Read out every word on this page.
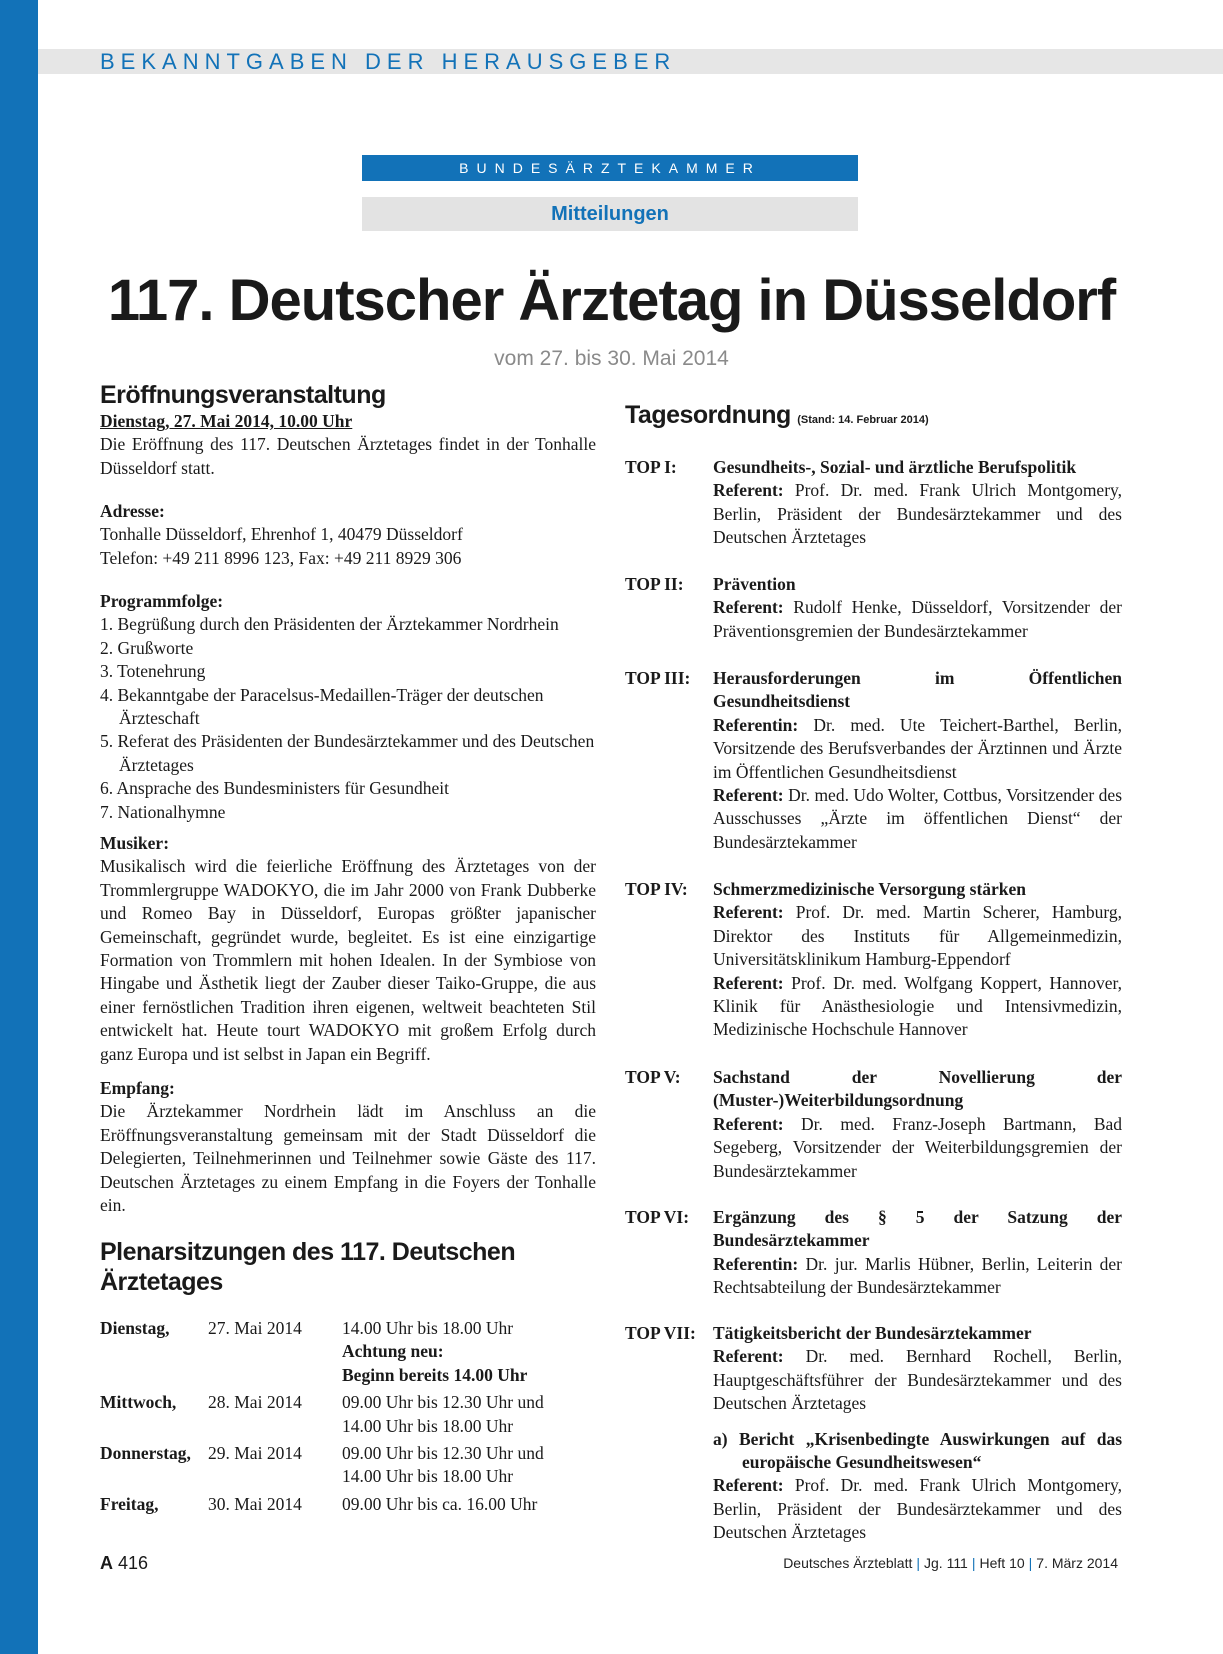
BEKANNTGABEN DER HERAUSGEBER
BUNDESÄRZTEKAMMER
Mitteilungen
117. Deutscher Ärztetag in Düsseldorf
vom 27. bis 30. Mai 2014
Eröffnungsveranstaltung

Dienstag, 27. Mai 2014, 10.00 Uhr

Die Eröffnung des 117. Deutschen Ärztetages findet in der Tonhalle Düsseldorf statt.

Adresse:

Tonhalle Düsseldorf, Ehrenhof 1, 40479 Düsseldorf

Telefon: +49 211 8996 123, Fax: +49 211 8929 306

Programmfolge:

1. Begrüßung durch den Präsidenten der Ärztekammer Nordrhein
2. Grußworte
3. Totenehrung
4. Bekanntgabe der Paracelsus-Medaillen-Träger der deutschen Ärzteschaft
5. Referat des Präsidenten der Bundesärztekammer und des Deutschen Ärztetages
6. Ansprache des Bundesministers für Gesundheit
7. Nationalhymne

Musiker:

Musikalisch wird die feierliche Eröffnung des Ärztetages von der Trommlergruppe WADOKYO, die im Jahr 2000 von Frank Dubberke und Romeo Bay in Düsseldorf, Europas größter japanischer Gemeinschaft, gegründet wurde, begleitet. Es ist eine einzigartige Formation von Trommlern mit hohen Idealen. In der Symbiose von Hingabe und Ästhetik liegt der Zauber dieser Taiko-Gruppe, die aus einer fernöstlichen Tradition ihren eigenen, weltweit beachteten Stil entwickelt hat. Heute tourt WADOKYO mit großem Erfolg durch ganz Europa und ist selbst in Japan ein Begriff.

Empfang:

Die Ärztekammer Nordrhein lädt im Anschluss an die Eröffnungsveranstaltung gemeinsam mit der Stadt Düsseldorf die Delegierten, Teilnehmerinnen und Teilnehmer sowie Gäste des 117. Deutschen Ärztetages zu einem Empfang in die Foyers der Tonhalle ein.

Plenarsitzungen des 117. Deutschen Ärztetages
Dienstag,	27. Mai 2014	14.00 Uhr bis 18.00 Uhr
Achtung neu:
Beginn bereits 14.00 Uhr

Mittwoch,	28. Mai 2014	09.00 Uhr bis 12.30 Uhr und
14.00 Uhr bis 18.00 Uhr

Donnerstag,	29. Mai 2014	09.00 Uhr bis 12.30 Uhr und
14.00 Uhr bis 18.00 Uhr

Freitag,	30. Mai 2014	09.00 Uhr bis ca. 16.00 Uhr
Tagesordnung (Stand: 14. Februar 2014)
TOP I: Gesundheits-, Sozial- und ärztliche Berufspolitik
Referent: Prof. Dr. med. Frank Ulrich Montgomery, Berlin, Präsident der Bundesärztekammer und des Deutschen Ärztetages
TOP II: Prävention
Referent: Rudolf Henke, Düsseldorf, Vorsitzender der Präventionsgremien der Bundesärztekammer
TOP III: Herausforderungen im Öffentlichen Gesundheitsdienst
Referentin: Dr. med. Ute Teichert-Barthel, Berlin, Vorsitzende des Berufsverbandes der Ärztinnen und Ärzte im Öffentlichen Gesundheitsdienst
Referent: Dr. med. Udo Wolter, Cottbus, Vorsitzender des Ausschusses „Ärzte im öffentlichen Dienst“ der Bundesärztekammer
TOP IV: Schmerzmedizinische Versorgung stärken
Referent: Prof. Dr. med. Martin Scherer, Hamburg, Direktor des Instituts für Allgemeinmedizin, Universitätsklinikum Hamburg-Eppendorf
Referent: Prof. Dr. med. Wolfgang Koppert, Hannover, Klinik für Anästhesiologie und Intensivmedizin, Medizinische Hochschule Hannover
TOP V: Sachstand der Novellierung der (Muster-)Weiterbildungsordnung
Referent: Dr. med. Franz-Joseph Bartmann, Bad Segeberg, Vorsitzender der Weiterbildungsgremien der Bundesärztekammer
TOP VI: Ergänzung des § 5 der Satzung der Bundesärztekammer
Referentin: Dr. jur. Marlis Hübner, Berlin, Leiterin der Rechtsabteilung der Bundesärztekammer
TOP VII: Tätigkeitsbericht der Bundesärztekammer
Referent: Dr. med. Bernhard Rochell, Berlin, Hauptgeschäftsführer der Bundesärztekammer und des Deutschen Ärztetages
a) Bericht „Krisenbedingte Auswirkungen auf das europäische Gesundheitswesen“
Referent: Prof. Dr. med. Frank Ulrich Montgomery, Berlin, Präsident der Bundesärztekammer und des Deutschen Ärztetages
A 416	Deutsches Ärzteblatt | Jg. 111 | Heft 10 | 7. März 2014
